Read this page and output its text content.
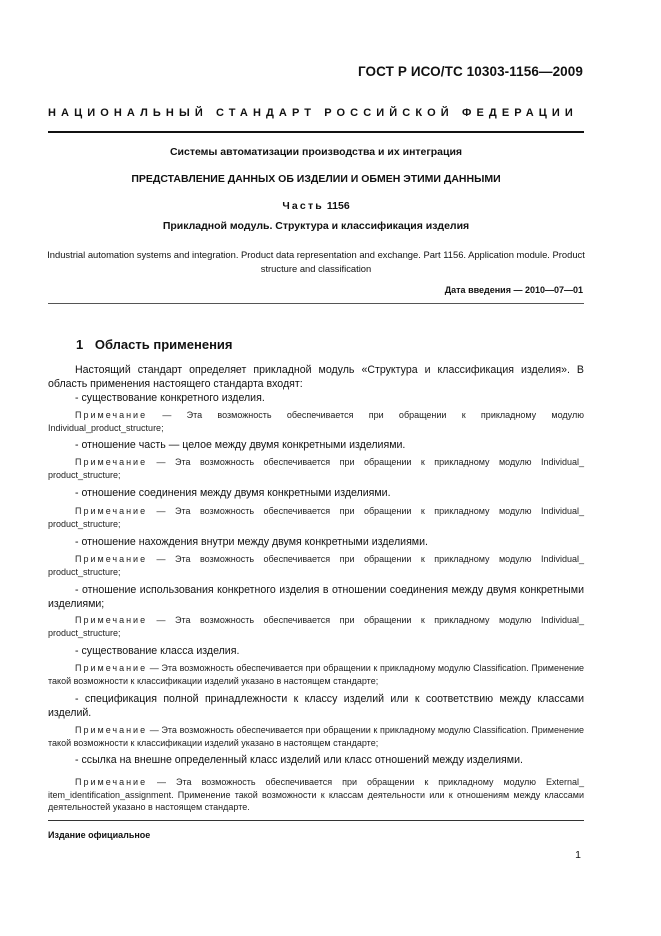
ГОСТ Р ИСО/ТС 10303-1156—2009
НАЦИОНАЛЬНЫЙ СТАНДАРТ РОССИЙСКОЙ ФЕДЕРАЦИИ
Системы автоматизации производства и их интеграция
ПРЕДСТАВЛЕНИЕ ДАННЫХ ОБ ИЗДЕЛИИ И ОБМЕН ЭТИМИ ДАННЫМИ
Часть 1156
Прикладной модуль. Структура и классификация изделия
Industrial automation systems and integration. Product data representation and exchange. Part 1156. Application module. Product structure and classification
Дата введения — 2010—07—01
1 Область применения
Настоящий стандарт определяет прикладной модуль «Структура и классификация изделия». В область применения настоящего стандарта входят:
- существование конкретного изделия.
Примечание — Эта возможность обеспечивается при обращении к прикладному модулю Individual_product_structure;
- отношение часть — целое между двумя конкретными изделиями.
Примечание — Эта возможность обеспечивается при обращении к прикладному модулю Individual_ product_structure;
- отношение соединения между двумя конкретными изделиями.
Примечание — Эта возможность обеспечивается при обращении к прикладному модулю Individual_ product_structure;
- отношение нахождения внутри между двумя конкретными изделиями.
Примечание — Эта возможность обеспечивается при обращении к прикладному модулю Individual_ product_structure;
- отношение использования конкретного изделия в отношении соединения между двумя конкретными изделиями;
Примечание — Эта возможность обеспечивается при обращении к прикладному модулю Individual_ product_structure;
- существование класса изделия.
Примечание — Эта возможность обеспечивается при обращении к прикладному модулю Classification. Применение такой возможности к классификации изделий указано в настоящем стандарте;
- спецификация полной принадлежности к классу изделий или к соответствию между классами изделий.
Примечание — Эта возможность обеспечивается при обращении к прикладному модулю Classification. Применение такой возможности к классификации изделий указано в настоящем стандарте;
- ссылка на внешне определенный класс изделий или класс отношений между изделиями.
Примечание — Эта возможность обеспечивается при обращении к прикладному модулю External_ item_identification_assignment. Применение такой возможности к классам деятельности или к отношениям между классами деятельностей указано в настоящем стандарте.
Издание официальное
1
